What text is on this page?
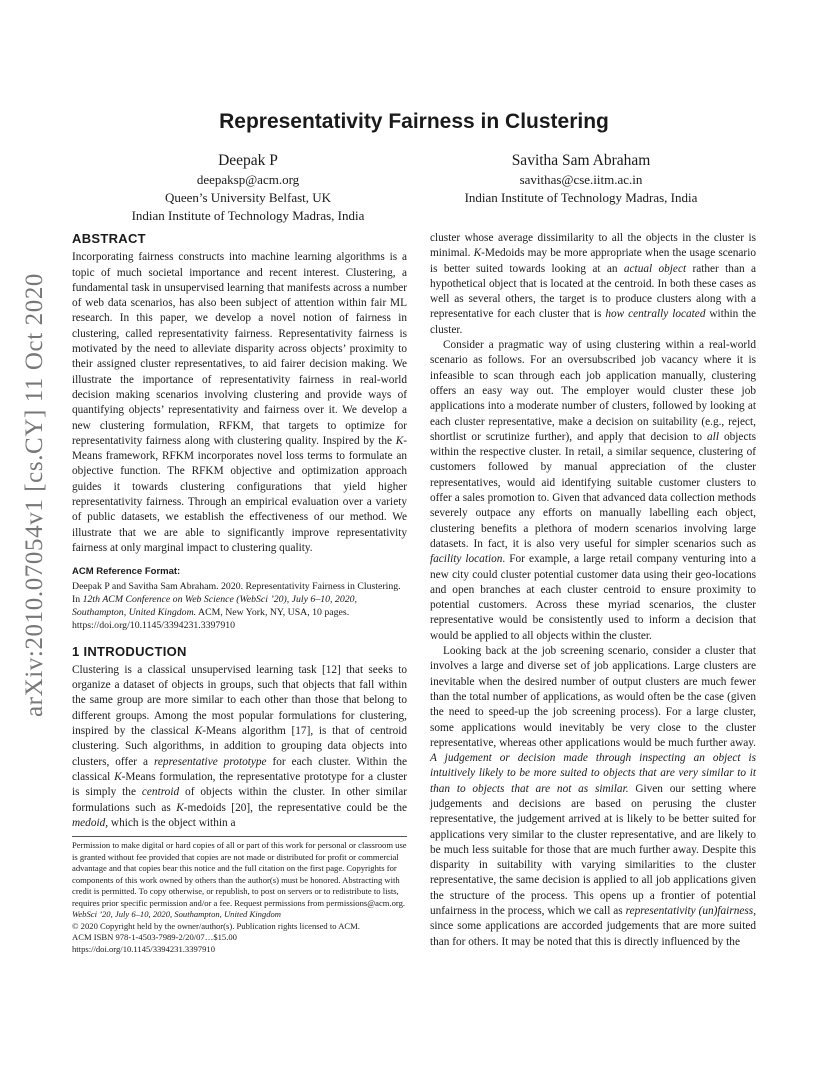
arXiv:2010.07054v1 [cs.CY] 11 Oct 2020
Representativity Fairness in Clustering
Deepak P
deepaksp@acm.org
Queen’s University Belfast, UK
Indian Institute of Technology Madras, India
Savitha Sam Abraham
savithas@cse.iitm.ac.in
Indian Institute of Technology Madras, India
ABSTRACT

Incorporating fairness constructs into machine learning algorithms is a topic of much societal importance and recent interest. Clustering, a fundamental task in unsupervised learning that manifests across a number of web data scenarios, has also been subject of attention within fair ML research. In this paper, we develop a novel notion of fairness in clustering, called representativity fairness. Representativity fairness is motivated by the need to alleviate disparity across objects’ proximity to their assigned cluster representatives, to aid fairer decision making. We illustrate the importance of representativity fairness in real-world decision making scenarios involving clustering and provide ways of quantifying objects’ representativity and fairness over it. We develop a new clustering formulation, RFKM, that targets to optimize for representativity fairness along with clustering quality. Inspired by the K-Means framework, RFKM incorporates novel loss terms to formulate an objective function. The RFKM objective and optimization approach guides it towards clustering configurations that yield higher representativity fairness. Through an empirical evaluation over a variety of public datasets, we establish the effectiveness of our method. We illustrate that we are able to significantly improve representativity fairness at only marginal impact to clustering quality.

ACM Reference Format:
Deepak P and Savitha Sam Abraham. 2020. Representativity Fairness in Clustering. In 12th ACM Conference on Web Science (WebSci ’20), July 6–10, 2020, Southampton, United Kingdom. ACM, New York, NY, USA, 10 pages. https://doi.org/10.1145/3394231.3397910
1 INTRODUCTION

Clustering is a classical unsupervised learning task [12] that seeks to organize a dataset of objects in groups, such that objects that fall within the same group are more similar to each other than those that belong to different groups. Among the most popular formulations for clustering, inspired by the classical K-Means algorithm [17], is that of centroid clustering. Such algorithms, in addition to grouping data objects into clusters, offer a representative prototype for each cluster. Within the classical K-Means formulation, the representative prototype for a cluster is simply the centroid of objects within the cluster. In other similar formulations such as K-medoids [20], the representative could be the medoid, which is the object within a

Permission to make digital or hard copies of all or part of this work for personal or classroom use is granted without fee provided that copies are not made or distributed for profit or commercial advantage and that copies bear this notice and the full citation on the first page. Copyrights for components of this work owned by others than the author(s) must be honored. Abstracting with credit is permitted. To copy otherwise, or republish, to post on servers or to redistribute to lists, requires prior specific permission and/or a fee. Request permissions from permissions@acm.org.
WebSci ’20, July 6–10, 2020, Southampton, United Kingdom
© 2020 Copyright held by the owner/author(s). Publication rights licensed to ACM.
ACM ISBN 978-1-4503-7989-2/20/07…$15.00
https://doi.org/10.1145/3394231.3397910

cluster whose average dissimilarity to all the objects in the cluster is minimal. K-Medoids may be more appropriate when the usage scenario is better suited towards looking at an actual object rather than a hypothetical object that is located at the centroid. In both these cases as well as several others, the target is to produce clusters along with a representative for each cluster that is how centrally located within the cluster.

Consider a pragmatic way of using clustering within a real-world scenario as follows. For an oversubscribed job vacancy where it is infeasible to scan through each job application manually, clustering offers an easy way out. The employer would cluster these job applications into a moderate number of clusters, followed by looking at each cluster representative, make a decision on suitability (e.g., reject, shortlist or scrutinize further), and apply that decision to all objects within the respective cluster. In retail, a similar sequence, clustering of customers followed by manual appreciation of the cluster representatives, would aid identifying suitable customer clusters to offer a sales promotion to. Given that advanced data collection methods severely outpace any efforts on manually labelling each object, clustering benefits a plethora of modern scenarios involving large datasets. In fact, it is also very useful for simpler scenarios such as facility location. For example, a large retail company venturing into a new city could cluster potential customer data using their geo-locations and open branches at each cluster centroid to ensure proximity to potential customers. Across these myriad scenarios, the cluster representative would be consistently used to inform a decision that would be applied to all objects within the cluster.

Looking back at the job screening scenario, consider a cluster that involves a large and diverse set of job applications. Large clusters are inevitable when the desired number of output clusters are much fewer than the total number of applications, as would often be the case (given the need to speed-up the job screening process). For a large cluster, some applications would inevitably be very close to the cluster representative, whereas other applications would be much further away. A judgement or decision made through inspecting an object is intuitively likely to be more suited to objects that are very similar to it than to objects that are not as similar. Given our setting where judgements and decisions are based on perusing the cluster representative, the judgement arrived at is likely to be better suited for applications very similar to the cluster representative, and are likely to be much less suitable for those that are much further away. Despite this disparity in suitability with varying similarities to the cluster representative, the same decision is applied to all job applications given the structure of the process. This opens up a frontier of potential unfairness in the process, which we call as representativity (un)fairness, since some applications are accorded judgements that are more suited than for others. It may be noted that this is directly influenced by the
